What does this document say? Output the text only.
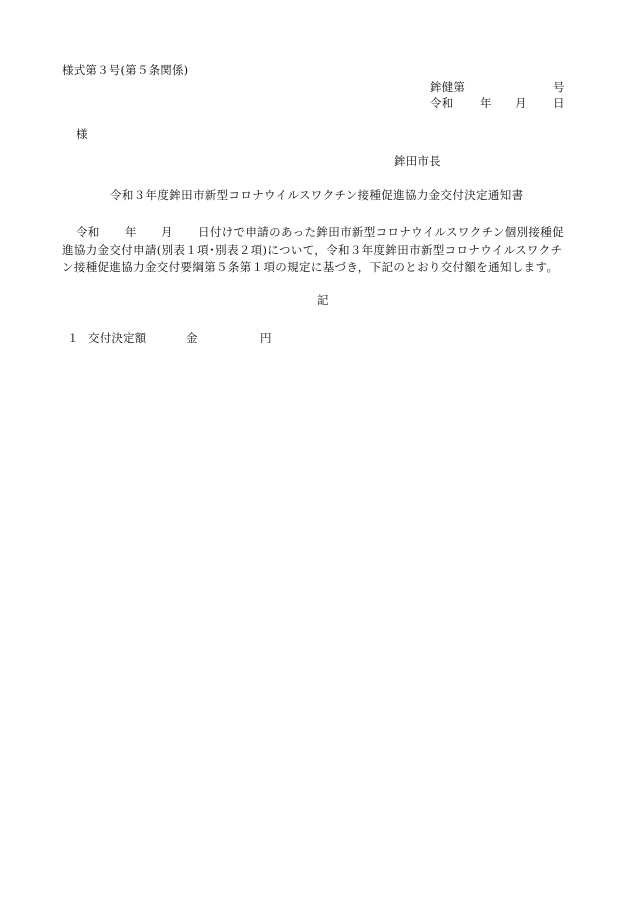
様式第３号(第５条関係)
鉾健第	号
令和 年 月 日
様
鉾田市長
令和３年度鉾田市新型コロナウイルスワクチン接種促進協力金交付決定通知書
令和 年 月 日付けで申請のあった鉾田市新型コロナウイルスワクチン個別接種促
進協力金交付申請(別表１項･別表２項)について，令和３年度鉾田市新型コロナウイルスワクチ
ン接種促進協力金交付要綱第５条第１項の規定に基づき，下記のとおり交付額を通知します。
記
１ 交付決定額	金	円
